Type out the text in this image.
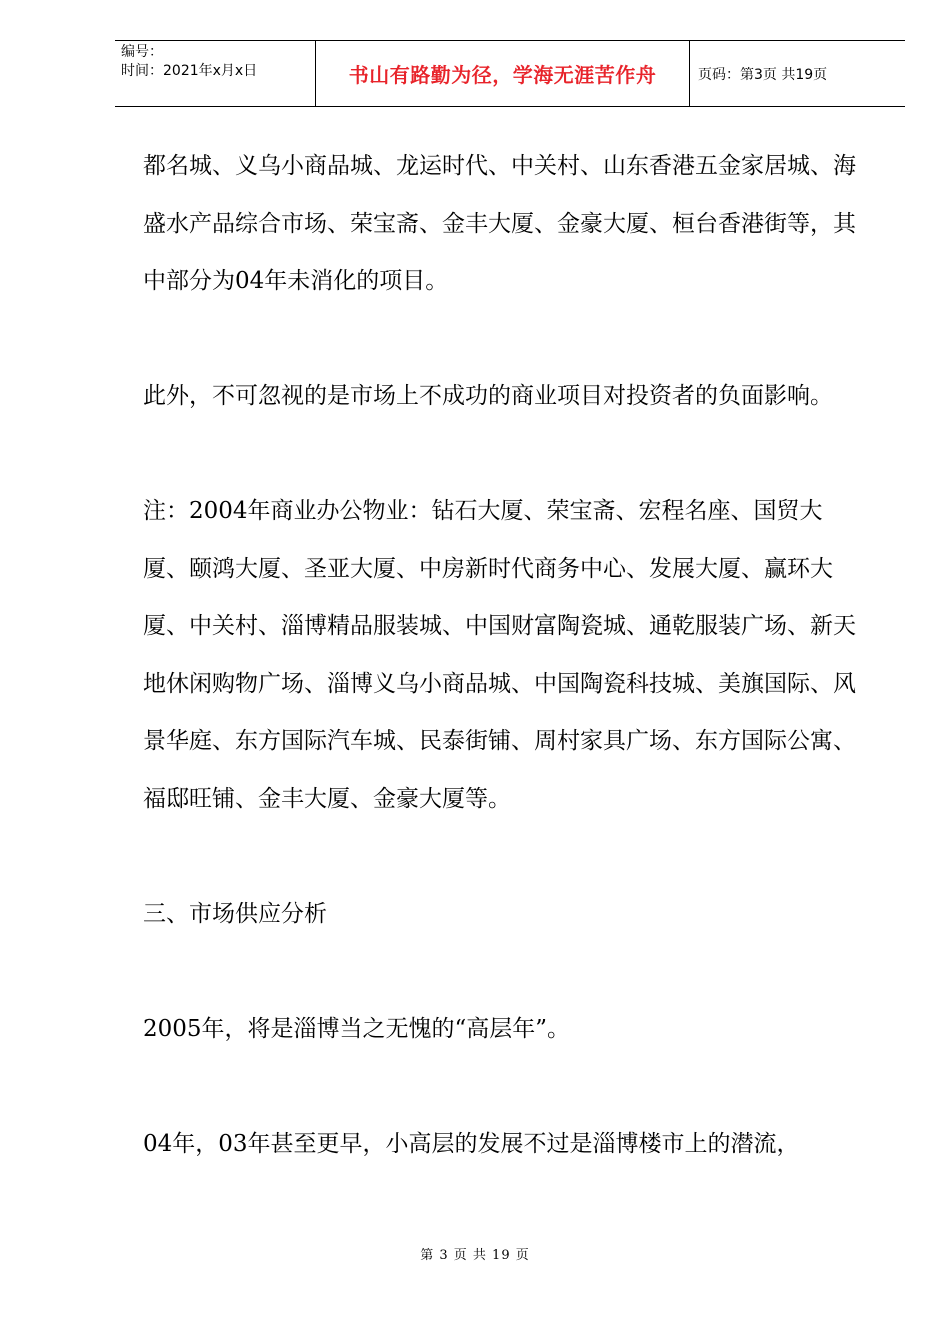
编号：
时间：2021年x月x日	书山有路勤为径，学海无涯苦作舟	页码：第3页 共19页

都名城、义乌小商品城、龙运时代、中关村、山东香港五金家居城、海盛水产品综合市场、荣宝斋、金丰大厦、金豪大厦、桓台香港街等，其中部分为04年未消化的项目。

此外，不可忽视的是市场上不成功的商业项目对投资者的负面影响。

注：2004年商业办公物业：钻石大厦、荣宝斋、宏程名座、国贸大厦、颐鸿大厦、圣亚大厦、中房新时代商务中心、发展大厦、赢环大厦、中关村、淄博精品服装城、中国财富陶瓷城、通乾服装广场、新天地休闲购物广场、淄博义乌小商品城、中国陶瓷科技城、美旗国际、风景华庭、东方国际汽车城、民泰街铺、周村家具广场、东方国际公寓、福邸旺铺、金丰大厦、金豪大厦等。

三、市场供应分析

2005年，将是淄博当之无愧的“高层年”。

04年，03年甚至更早，小高层的发展不过是淄博楼市上的潜流，

第 3 页 共 19 页
